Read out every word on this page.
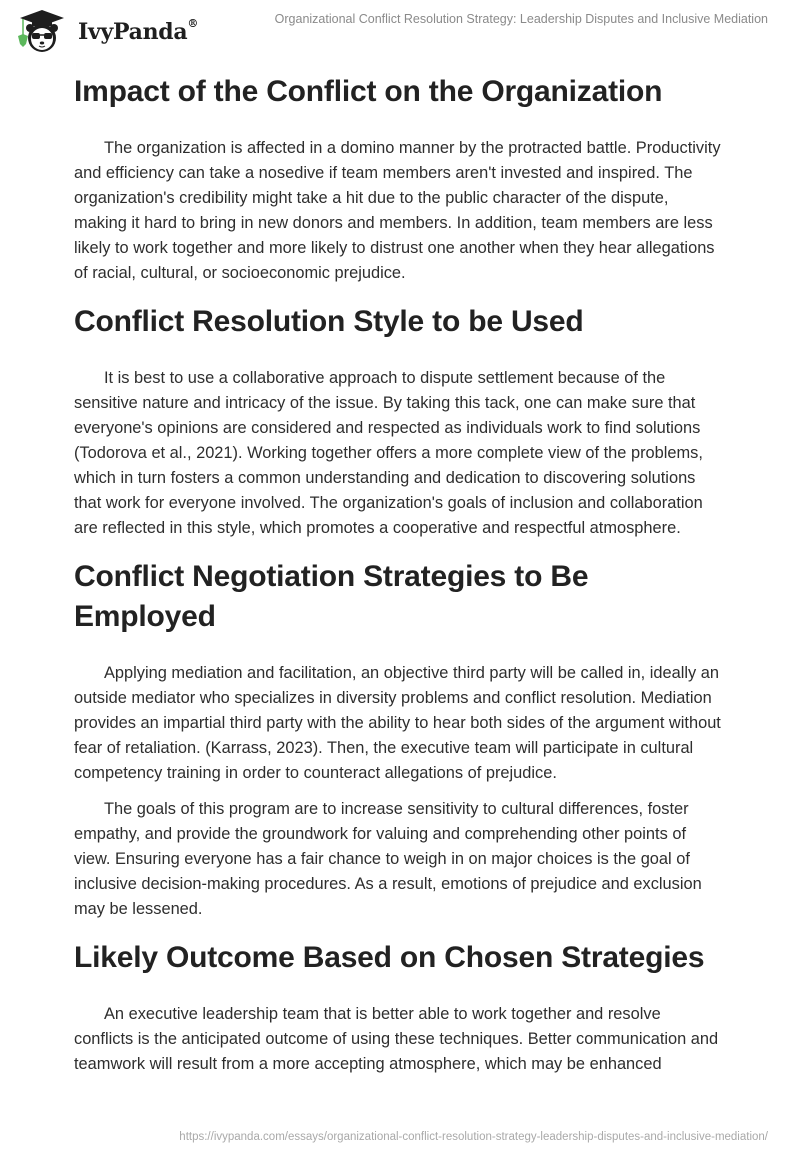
IvyPanda®	Organizational Conflict Resolution Strategy: Leadership Disputes and Inclusive Mediation
Impact of the Conflict on the Organization

The organization is affected in a domino manner by the protracted battle. Productivity and efficiency can take a nosedive if team members aren't invested and inspired. The organization's credibility might take a hit due to the public character of the dispute, making it hard to bring in new donors and members. In addition, team members are less likely to work together and more likely to distrust one another when they hear allegations of racial, cultural, or socioeconomic prejudice.

Conflict Resolution Style to be Used

It is best to use a collaborative approach to dispute settlement because of the sensitive nature and intricacy of the issue. By taking this tack, one can make sure that everyone's opinions are considered and respected as individuals work to find solutions (Todorova et al., 2021). Working together offers a more complete view of the problems, which in turn fosters a common understanding and dedication to discovering solutions that work for everyone involved. The organization's goals of inclusion and collaboration are reflected in this style, which promotes a cooperative and respectful atmosphere.

Conflict Negotiation Strategies to Be Employed

Applying mediation and facilitation, an objective third party will be called in, ideally an outside mediator who specializes in diversity problems and conflict resolution. Mediation provides an impartial third party with the ability to hear both sides of the argument without fear of retaliation. (Karrass, 2023). Then, the executive team will participate in cultural competency training in order to counteract allegations of prejudice.

The goals of this program are to increase sensitivity to cultural differences, foster empathy, and provide the groundwork for valuing and comprehending other points of view. Ensuring everyone has a fair chance to weigh in on major choices is the goal of inclusive decision-making procedures. As a result, emotions of prejudice and exclusion may be lessened.

Likely Outcome Based on Chosen Strategies

An executive leadership team that is better able to work together and resolve conflicts is the anticipated outcome of using these techniques. Better communication and teamwork will result from a more accepting atmosphere, which may be enhanced

https://ivypanda.com/essays/organizational-conflict-resolution-strategy-leadership-disputes-and-inclusive-mediation/
